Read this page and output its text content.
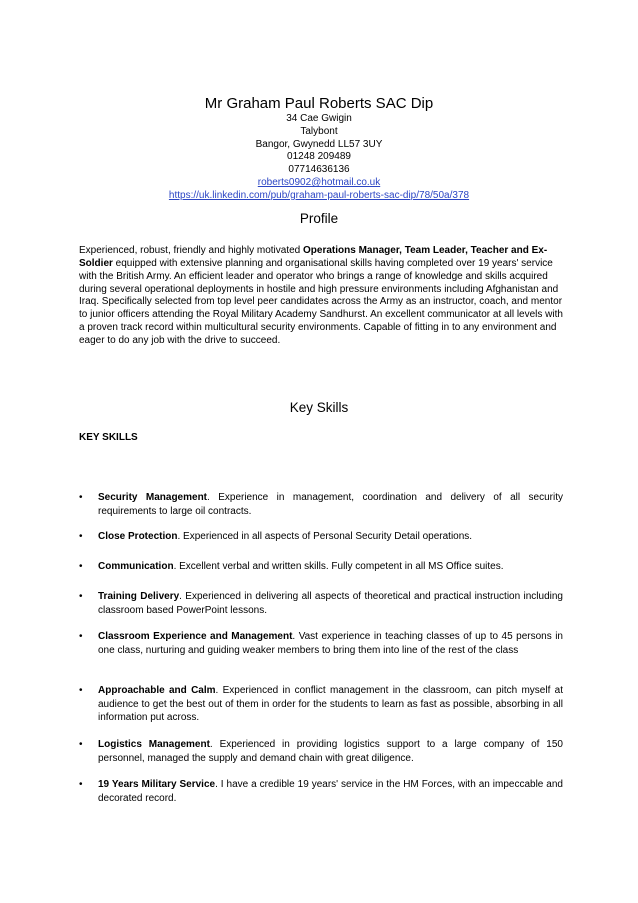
Mr Graham Paul Roberts SAC Dip
34 Cae Gwigin
Talybont
Bangor, Gwynedd LL57 3UY
01248 209489
07714636136
roberts0902@hotmail.co.uk
https://uk.linkedin.com/pub/graham-paul-roberts-sac-dip/78/50a/378
Profile
Experienced, robust, friendly and highly motivated Operations Manager, Team Leader, Teacher and Ex-Soldier equipped with extensive planning and organisational skills having completed over 19 years' service with the British Army. An efficient leader and operator who brings a range of knowledge and skills acquired during several operational deployments in hostile and high pressure environments including Afghanistan and Iraq. Specifically selected from top level peer candidates across the Army as an instructor, coach, and mentor to junior officers attending the Royal Military Academy Sandhurst. An excellent communicator at all levels with a proven track record within multicultural security environments. Capable of fitting in to any environment and eager to do any job with the drive to succeed.
Key Skills
KEY SKILLS
•	Security Management. Experience in management, coordination and delivery of all security requirements to large oil contracts.
•	Close Protection. Experienced in all aspects of Personal Security Detail operations.
•	Communication. Excellent verbal and written skills. Fully competent in all MS Office suites.
•	Training Delivery. Experienced in delivering all aspects of theoretical and practical instruction including classroom based PowerPoint lessons.
•	Classroom Experience and Management. Vast experience in teaching classes of up to 45 persons in one class, nurturing and guiding weaker members to bring them into line of the rest of the class
•	Approachable and Calm. Experienced in conflict management in the classroom, can pitch myself at audience to get the best out of them in order for the students to learn as fast as possible, absorbing in all information put across.
•	Logistics Management. Experienced in providing logistics support to a large company of 150 personnel, managed the supply and demand chain with great diligence.
•	19 Years Military Service. I have a credible 19 years' service in the HM Forces, with an impeccable and decorated record.
